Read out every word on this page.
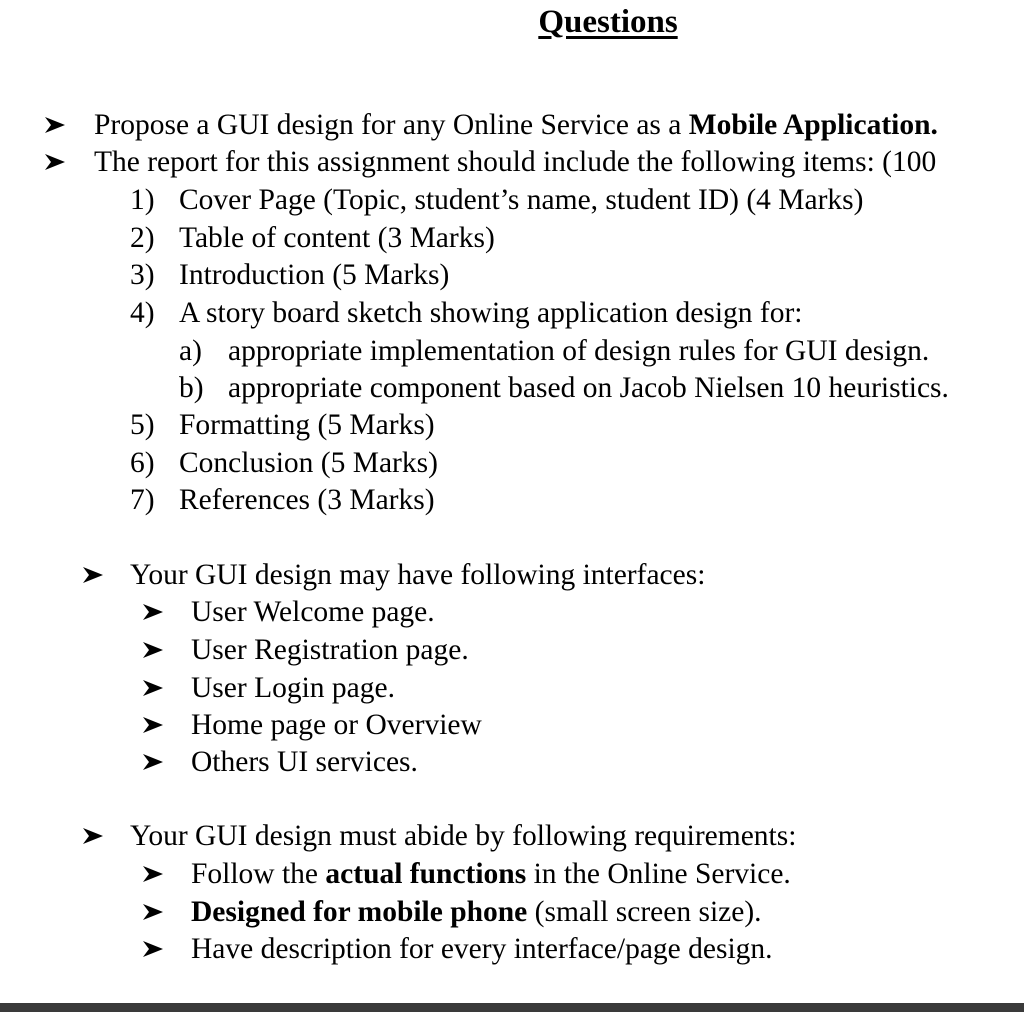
Questions
Propose a GUI design for any Online Service as a Mobile Application.
The report for this assignment should include the following items: (100
1) Cover Page (Topic, student’s name, student ID) (4 Marks)
2) Table of content (3 Marks)
3) Introduction (5 Marks)
4) A story board sketch showing application design for:
a) appropriate implementation of design rules for GUI design.
b) appropriate component based on Jacob Nielsen 10 heuristics.
5) Formatting (5 Marks)
6) Conclusion (5 Marks)
7) References (3 Marks)
Your GUI design may have following interfaces:
User Welcome page.
User Registration page.
User Login page.
Home page or Overview
Others UI services.
Your GUI design must abide by following requirements:
Follow the actual functions in the Online Service.
Designed for mobile phone (small screen size).
Have description for every interface/page design.
